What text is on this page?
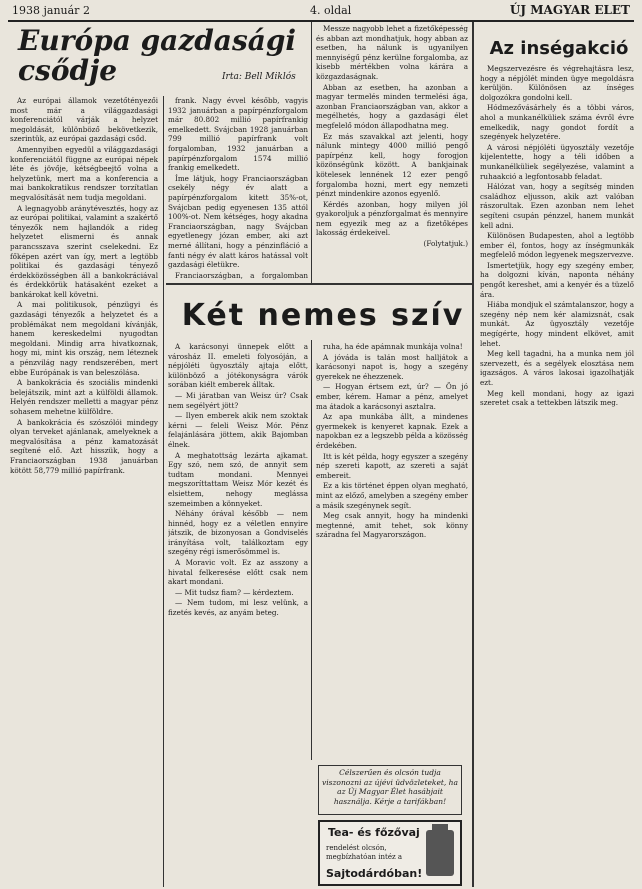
1938 január 2	4. oldal	ÚJ MAGYAR ELET
Európa gazdasági csődje	Irta: Bell Miklós

Az európai államok vezetőtényezői most már a világgazdasági konferenciától várják a helyzet megoldását, különböző bekövetkezik, szerintük, az európai gazdasági csőd.

Amennyiben egyedül a világgazdasági konferenciától függne az európai népek léte és jövője, kétségbeejtő volna a helyzetünk, mert ma a konferencia a mai bankokratikus rendszer torzítatlan megvalósítását nem tudja megoldani.

A legnagyobb aránytévesztés, hogy az az európai politikai, valamint a szakértő tényezők nem hajlandók a rideg helyzetet elismerni és annak parancsszava szerint cselekedni. Ez főképen azért van így, mert a legtöbb politikai és gazdasági tényező érdekközösségben áll a bankokráciával és érdekkörük hatásaként ezeket a bankárokat kell követni.

A mai politikusok, pénzügyi és gazdasági tényezők a helyzetet és a problémákat nem megoldani kívánják, hanem kereskedelmi nyugodtan megoldani. Mindig arra hivatkoznak, hogy mi, mint kis ország, nem léteznek a pénzvilág nagy rendszerében, mert ebbe Európának is van beleszólása.

A bankokrácia és szociális mindenki belejátszik, mint azt a külföldi államok. Helyén rendszer melletti a magyar pénz sohasem mehetne külföldre.

A bankokrácia és szószólói mindegy olyan terveket ajánlanak, amelyeknek a megvalósítása a pénz kamatozását segítené elő. Azt hisszük, hogy a Franciaországban 1938 januárban kötött 58,779 millió papírfrank.

frank. Nagy évvel később, vagyis 1932 januárban a papírpénzforgalom már 80.802 millió papírfrankig emelkedett. Svájcban 1928 januárban 799 millió papírfrank volt forgalomban, 1932 januárban a papírpénzforgalom 1574 millió frankig emelkedett.

Íme látjuk, hogy Franciaországban csekély négy év alatt a papírpénzforgalom kitett 35%-ot, Svájcban pedig egyenesen 135 attól 100%-ot. Nem kétséges, hogy akadna Franciaországban, nagy Svájcban egyetlenegy józan ember, aki azt merné állítani, hogy a pénzinfláció a fanti négy év alatt káros hatással volt gazdasági életükre.

Franciaországban, a forgalomban

Messze nagyobb lehet a fizetőképesség és abban azt mondhatjuk, hogy abban az esetben, ha nálunk is ugyanilyen mennyiségű pénz kerülne forgalomba, az kisebb mértékben volna kárára a közgazdaságnak.

Abban az esetben, ha azonban a magyar termelés minden termelési ága, azonban Franciaországban van, akkor a megélhetés, hogy a gazdasági élet megfelelő módon állapodhatna meg.

Ez más szavakkal azt jelenti, hogy nálunk mintegy 4000 millió pengő papírpénz kell, hogy forogjon közönségünk között. A bankjainak kötelesek lennének 12 ezer pengő forgalomba hozni, mert egy nemzeti pénzt mindenkire azonos egyenlő.

Kérdés azonban, hogy milyen jól gyakoroljuk a pénzforgalmat és mennyire nem egyezik meg az a fizetőképes lakosság érdekeivel.

(Folytatjuk.)

Két nemes szív

A karácsonyi ünnepek előtt a városház II. emeleti folyosóján, a népjóléti ügyosztály ajtaja előtt, különböző a jótékonyságra várók sorában kiélt emberek álltak.

— Mi járatban van Weisz úr? Csak nem segélyért jött?

— Ilyen emberek akik nem szoktak kérni — feleli Weisz Mór. Pénz felajánlására jöttem, akik Bajomban élnek.

A meghatottság lezárta ajkamat. Egy szó, nem szó, de annyit sem tudtam mondani. Mennyei megszoríttattam Weisz Mór kezét és elsiettem, nehogy meglássa szemeimben a könnyeket.

Néhány órával később — nem hinnéd, hogy ez a véletlen ennyire játszik, de bizonyosan a Gondviselés irányítása volt, találkoztam egy szegény régi ismerősömmel is.

A Moravic volt. Ez az asszony a hivatal felkeresése előtt csak nem akart mondani.

— Mit tudsz fiam? — kérdeztem.

— Nem tudom, mi lesz velünk, a fizetés kevés, az anyám beteg.

ruha, ha éde apámnak munkája volna!

A jóváda is talán most halljátok a karácsonyi napot is, hogy a szegény gyerekek ne éhezzenek.

— Hogyan értsem ezt, úr? — Ön jó ember, kérem. Hamar a pénz, amelyet ma átadok a karácsonyi asztalra.

Az apa munkába állt, a mindenes gyermekek is kenyeret kapnak. Ezek a napokban ez a legszebb példa a közösség érdekében.

Itt is két példa, hogy egyszer a szegény nép szereti kapott, az szereti a saját embereit.

Ez a kis történet éppen olyan megható, mint az előző, amelyben a szegény ember a másik szegénynek segít.

Meg csak annyit, hogy ha mindenki megtenné, amit tehet, sok könny száradna fel Magyarországon.

Célszerűen és olcsón tudja viszonozni az újévi üdvözleteket, ha az Új Magyar Élet hasábjait használja. Kérje a tarifákban!
Tea- és főzővaj
rendelést olcsón, megbízhatóan intéz a
Sajtodárdóban!
Az inségakció

Megszervezésre és végrehajtásra lesz, hogy a népjólét minden ügye megoldásra kerüljön. Különösen az ínséges dolgozókra gondolni kell.

Hódmezővásárhely és a többi város, ahol a munkanélküliek száma évről évre emelkedik, nagy gondot fordít a szegények helyzetére.

A városi népjóléti ügyosztály vezetője kijelentette, hogy a téli időben a munkanélküliek segélyezése, valamint a ruhaakció a legfontosabb feladat.

Hálózat van, hogy a segítség minden családhoz eljusson, akik azt valóban rászorultak. Ezen azonban nem lehet segíteni csupán pénzzel, hanem munkát kell adni.

Különösen Budapesten, ahol a legtöbb ember él, fontos, hogy az ínségmunkák megfelelő módon legyenek megszervezve.

Ismertetjük, hogy egy szegény ember, ha dolgozni kíván, naponta néhány pengőt kereshet, ami a kenyér és a tüzelő ára.

Hiába mondjuk el számtalanszor, hogy a szegény nép nem kér alamizsnát, csak munkát. Az ügyosztály vezetője megígérte, hogy mindent elkövet, amit lehet.

Meg kell tagadni, ha a munka nem jól szervezett, és a segélyek elosztása nem igazságos. A város lakosai igazolhatják ezt.

Meg kell mondani, hogy az igazi szeretet csak a tettekben látszik meg.
